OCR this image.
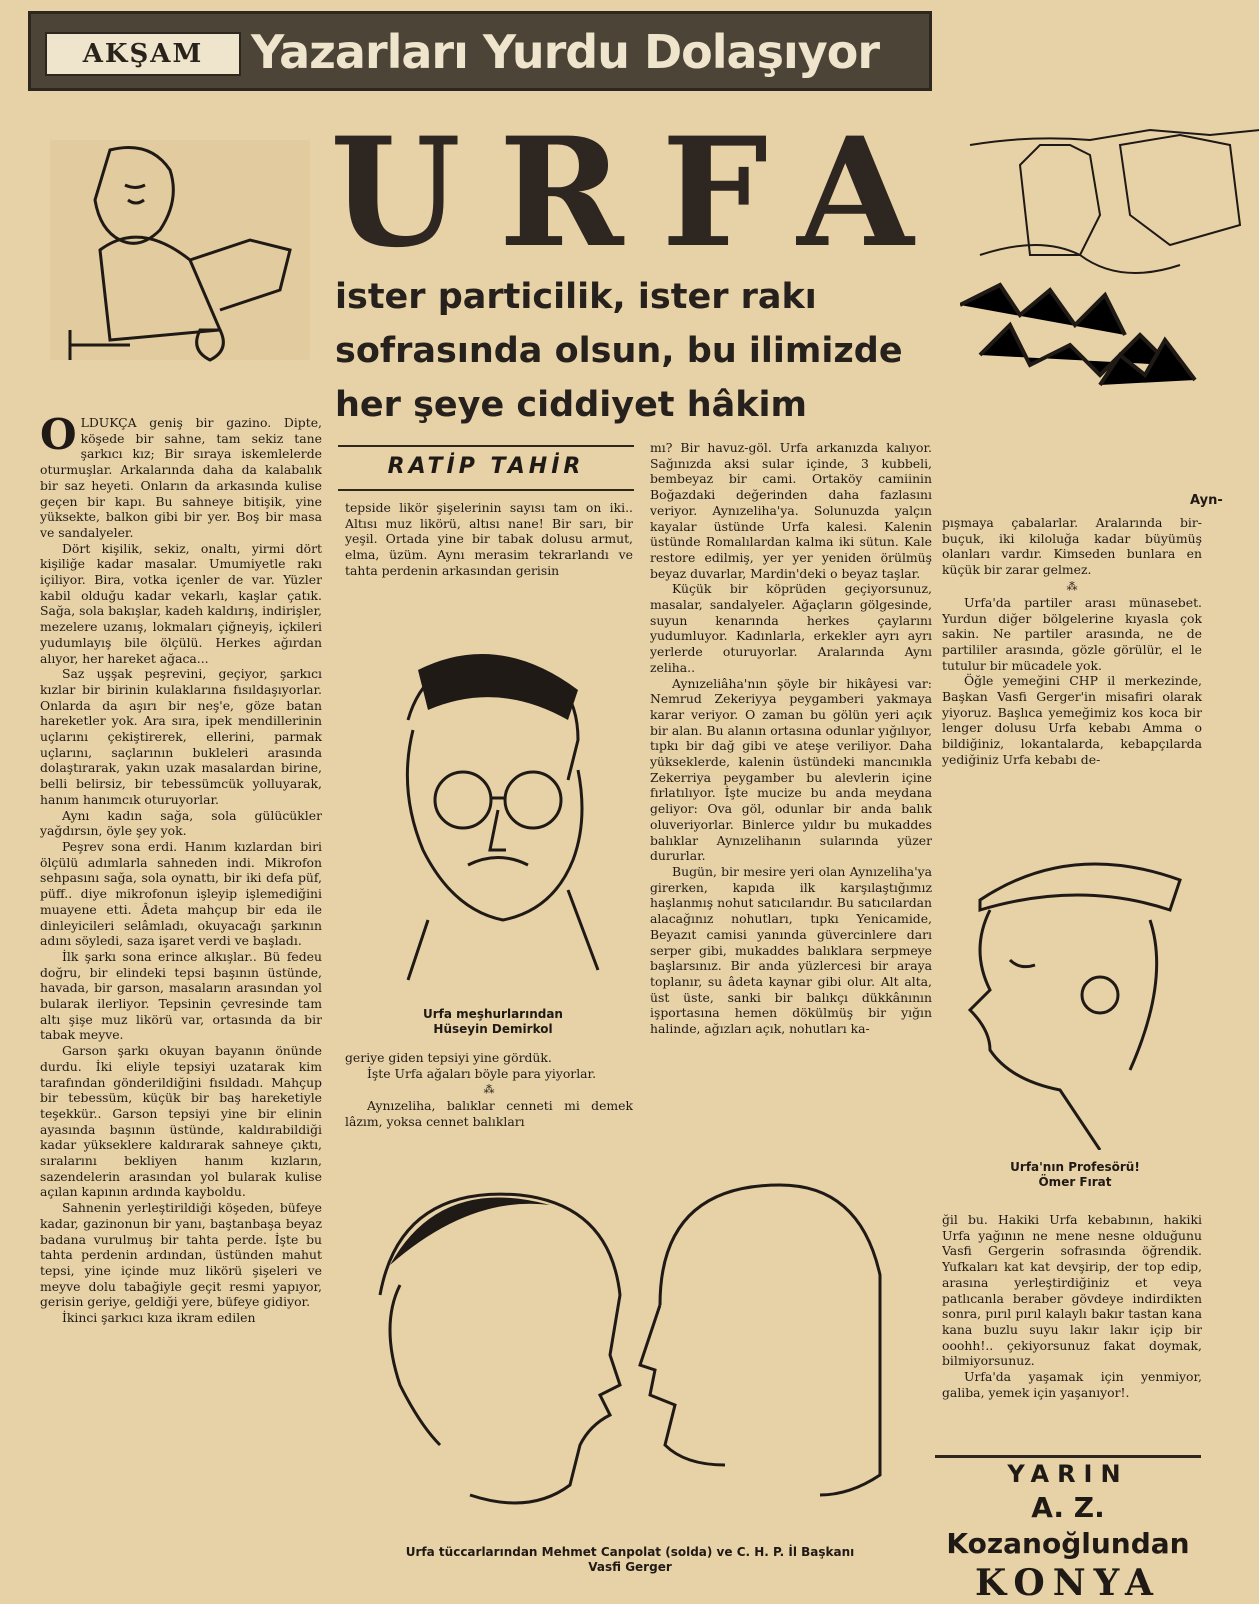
AKŞAM	Yazarları Yurdu Dolaşıyor
URFA
ister particilik, ister rakı
sofrasında olsun, bu ilimizde
her şeye ciddiyet hâkim
Ayn-

OLDUKÇA geniş bir gazino. Dipte, köşede bir sahne, tam sekiz tane şarkıcı kız; Bir sıraya iskemlelerde oturmuşlar. Arkalarında daha da kalabalık bir saz heyeti. Onların da arkasında kulise geçen bir kapı. Bu sahneye bitişik, yine yüksekte, balkon gibi bir yer. Boş bir masa ve sandalyeler.

Dört kişilik, sekiz, onaltı, yirmi dört kişiliğe kadar masalar. Umumiyetle rakı içiliyor. Bira, votka içenler de var. Yüzler kabil olduğu kadar vekarlı, kaşlar çatık. Sağa, sola bakışlar, kadeh kaldırış, indirişler, mezelere uzanış, lokmaları çiğneyiş, içkileri yudumlayış bile ölçülü. Herkes ağırdan alıyor, her hareket ağaca...

Saz uşşak peşrevini, geçiyor, şarkıcı kızlar bir birinin kulaklarına fısıldaşıyorlar. Onlarda da aşırı bir neş'e, göze batan hareketler yok. Ara sıra, ipek mendillerinin uçlarını çekiştirerek, ellerini, parmak uçlarını, saçlarının bukleleri arasında dolaştırarak, yakın uzak masalardan birine, belli belirsiz, bir tebessümcük yolluyarak, hanım hanımcık oturuyorlar.

Aynı kadın sağa, sola gülücükler yağdırsın, öyle şey yok.

Peşrev sona erdi. Hanım kızlardan biri ölçülü adımlarla sahneden indi. Mikrofon sehpasını sağa, sola oynattı, bir iki defa püf, püff.. diye mikrofonun işleyip işlemediğini muayene etti. Âdeta mahçup bir eda ile dinleyicileri selâmladı, okuyacağı şarkının adını söyledi, saza işaret verdi ve başladı.

İlk şarkı sona erince alkışlar.. Bü fedeu doğru, bir elindeki tepsi başının üstünde, havada, bir garson, masaların arasından yol bularak ilerliyor. Tepsinin çevresinde tam altı şişe muz likörü var, ortasında da bir tabak meyve.

Garson şarkı okuyan bayanın önünde durdu. İki eliyle tepsiyi uzatarak kim tarafından gönderildiğini fısıldadı. Mahçup bir tebessüm, küçük bir baş hareketiyle teşekkür.. Garson tepsiyi yine bir elinin ayasında başının üstünde, kaldırabildiği kadar yükseklere kaldırarak sahneye çıktı, sıralarını bekliyen hanım kızların, sazendelerin arasından yol bularak kulise açılan kapının ardında kayboldu.

Sahnenin yerleştirildiği köşeden, büfeye kadar, gazinonun bir yanı, baştanbaşa beyaz badana vurulmuş bir tahta perde. İşte bu tahta perdenin ardından, üstünden mahut tepsi, yine içinde muz likörü şişeleri ve meyve dolu tabağiyle geçit resmi yapıyor, gerisin geriye, geldiği yere, büfeye gidiyor.

İkinci şarkıcı kıza ikram edilen

RATİP TAHİR

tepside likör şişelerinin sayısı tam on iki.. Altısı muz likörü, altısı nane! Bir sarı, bir yeşil. Ortada yine bir tabak dolusu armut, elma, üzüm. Aynı merasim tekrarlandı ve tahta perdenin arkasından gerisin

Urfa meşhurlarından
Hüseyin Demirkol

geriye giden tepsiyi yine gördük.

İşte Urfa ağaları böyle para yiyorlar.

⁂

Aynızeliha, balıklar cenneti mi demek lâzım, yoksa cennet balıkları

mı? Bir havuz-göl. Urfa arkanızda kalıyor. Sağınızda aksi sular içinde, 3 kubbeli, bembeyaz bir cami. Ortaköy camiinin Boğazdaki değerinden daha fazlasını veriyor. Aynızeliha'ya. Solunuzda yalçın kayalar üstünde Urfa kalesi. Kalenin üstünde Romalılardan kalma iki sütun. Kale restore edilmiş, yer yer yeniden örülmüş beyaz duvarlar, Mardin'deki o beyaz taşlar.

Küçük bir köprüden geçiyorsunuz, masalar, sandalyeler. Ağaçların gölgesinde, suyun kenarında herkes çaylarını yudumluyor. Kadınlarla, erkekler ayrı ayrı yerlerde oturuyorlar. Aralarında Aynı zeliha..

Aynızeliâha'nın şöyle bir hikâyesi var: Nemrud Zekeriyya peygamberi yakmaya karar veriyor. O zaman bu gölün yeri açık bir alan. Bu alanın ortasına odunlar yığılıyor, tıpkı bir dağ gibi ve ateşe veriliyor. Daha yükseklerde, kalenin üstündeki mancınıkla Zekerriya peygamber bu alevlerin içine fırlatılıyor. İşte mucize bu anda meydana geliyor: Ova göl, odunlar bir anda balık oluveriyorlar. Binlerce yıldır bu mukaddes balıklar Aynızelihanın sularında yüzer dururlar.

Bugün, bir mesire yeri olan Aynızeliha'ya girerken, kapıda ilk karşılaştığımız haşlanmış nohut satıcılarıdır. Bu satıcılardan alacağınız nohutları, tıpkı Yenicamide, Beyazıt camisi yanında güvercinlere darı serper gibi, mukaddes balıklara serpmeye başlarsınız. Bir anda yüzlercesi bir araya toplanır, su âdeta kaynar gibi olur. Alt alta, üst üste, sanki bir balıkçı dükkânının işportasına hemen dökülmüş bir yığın halinde, ağızları açık, nohutları ka-

Urfa tüccarlarından Mehmet Canpolat (solda) ve C. H. P. İl Başkanı
Vasfi Gerger

pışmaya çabalarlar. Aralarında bir-buçuk, iki kiloluğa kadar büyümüş olanları vardır. Kimseden bunlara en küçük bir zarar gelmez.

⁂

Urfa'da partiler arası münasebet. Yurdun diğer bölgelerine kıyasla çok sakin. Ne partiler arasında, ne de partililer arasında, gözle görülür, el le tutulur bir mücadele yok.

Öğle yemeğini CHP il merkezinde, Başkan Vasfi Gerger'in misafiri olarak yiyoruz. Başlıca yemeğimiz kos koca bir lenger dolusu Urfa kebabı Amma o bildiğiniz, lokantalarda, kebapçılarda yediğiniz Urfa kebabı de-

Urfa'nın Profesörü!
Ömer Fırat

ğil bu. Hakiki Urfa kebabının, hakiki Urfa yağının ne mene nesne olduğunu Vasfi Gergerin sofrasında öğrendik. Yufkaları kat kat devşirip, der top edip, arasına yerleştirdiğiniz et veya patlıcanla beraber gövdeye indirdikten sonra, pırıl pırıl kalaylı bakır tastan kana kana buzlu suyu lakır lakır içip bir ooohh!.. çekiyorsunuz fakat doymak, bilmiyorsunuz.

Urfa'da yaşamak için yenmiyor, galiba, yemek için yaşanıyor!.

YARIN
A. Z. Kozanoğlundan
KONYA
